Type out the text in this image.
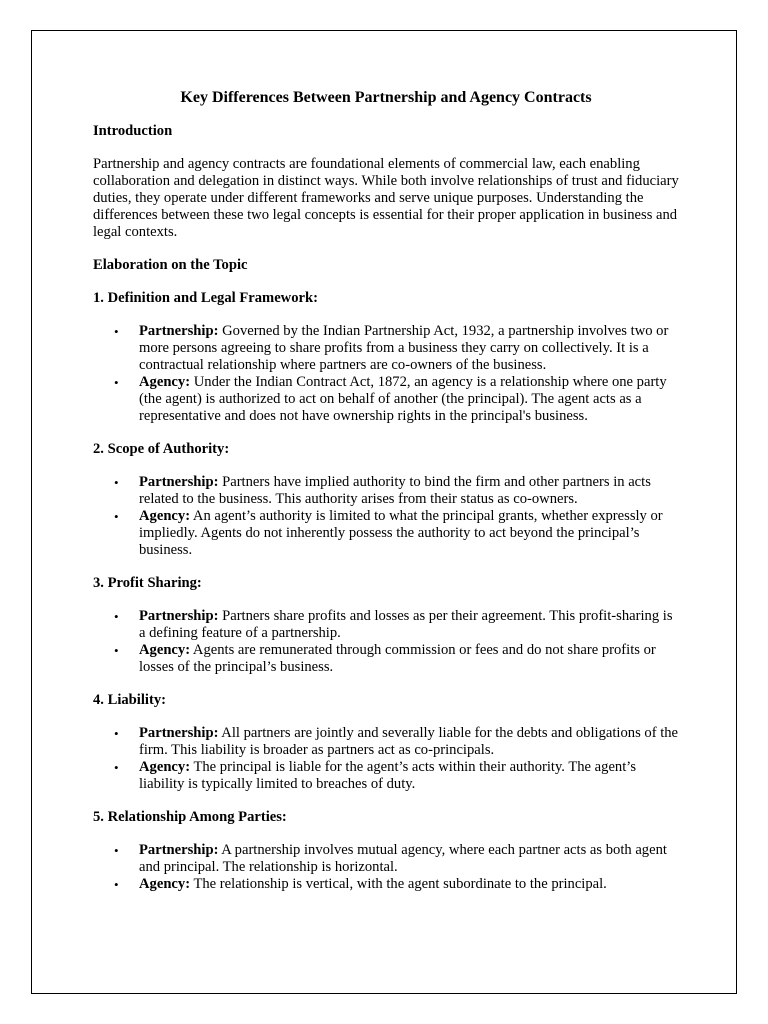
Key Differences Between Partnership and Agency Contracts
Introduction
Partnership and agency contracts are foundational elements of commercial law, each enabling collaboration and delegation in distinct ways. While both involve relationships of trust and fiduciary duties, they operate under different frameworks and serve unique purposes. Understanding the differences between these two legal concepts is essential for their proper application in business and legal contexts.
Elaboration on the Topic
1. Definition and Legal Framework:
• Partnership: Governed by the Indian Partnership Act, 1932, a partnership involves two or more persons agreeing to share profits from a business they carry on collectively. It is a contractual relationship where partners are co-owners of the business.
• Agency: Under the Indian Contract Act, 1872, an agency is a relationship where one party (the agent) is authorized to act on behalf of another (the principal). The agent acts as a representative and does not have ownership rights in the principal's business.
2. Scope of Authority:
• Partnership: Partners have implied authority to bind the firm and other partners in acts related to the business. This authority arises from their status as co-owners.
• Agency: An agent’s authority is limited to what the principal grants, whether expressly or impliedly. Agents do not inherently possess the authority to act beyond the principal’s business.
3. Profit Sharing:
• Partnership: Partners share profits and losses as per their agreement. This profit-sharing is a defining feature of a partnership.
• Agency: Agents are remunerated through commission or fees and do not share profits or losses of the principal’s business.
4. Liability:
• Partnership: All partners are jointly and severally liable for the debts and obligations of the firm. This liability is broader as partners act as co-principals.
• Agency: The principal is liable for the agent’s acts within their authority. The agent’s liability is typically limited to breaches of duty.
5. Relationship Among Parties:
• Partnership: A partnership involves mutual agency, where each partner acts as both agent and principal. The relationship is horizontal.
• Agency: The relationship is vertical, with the agent subordinate to the principal.
